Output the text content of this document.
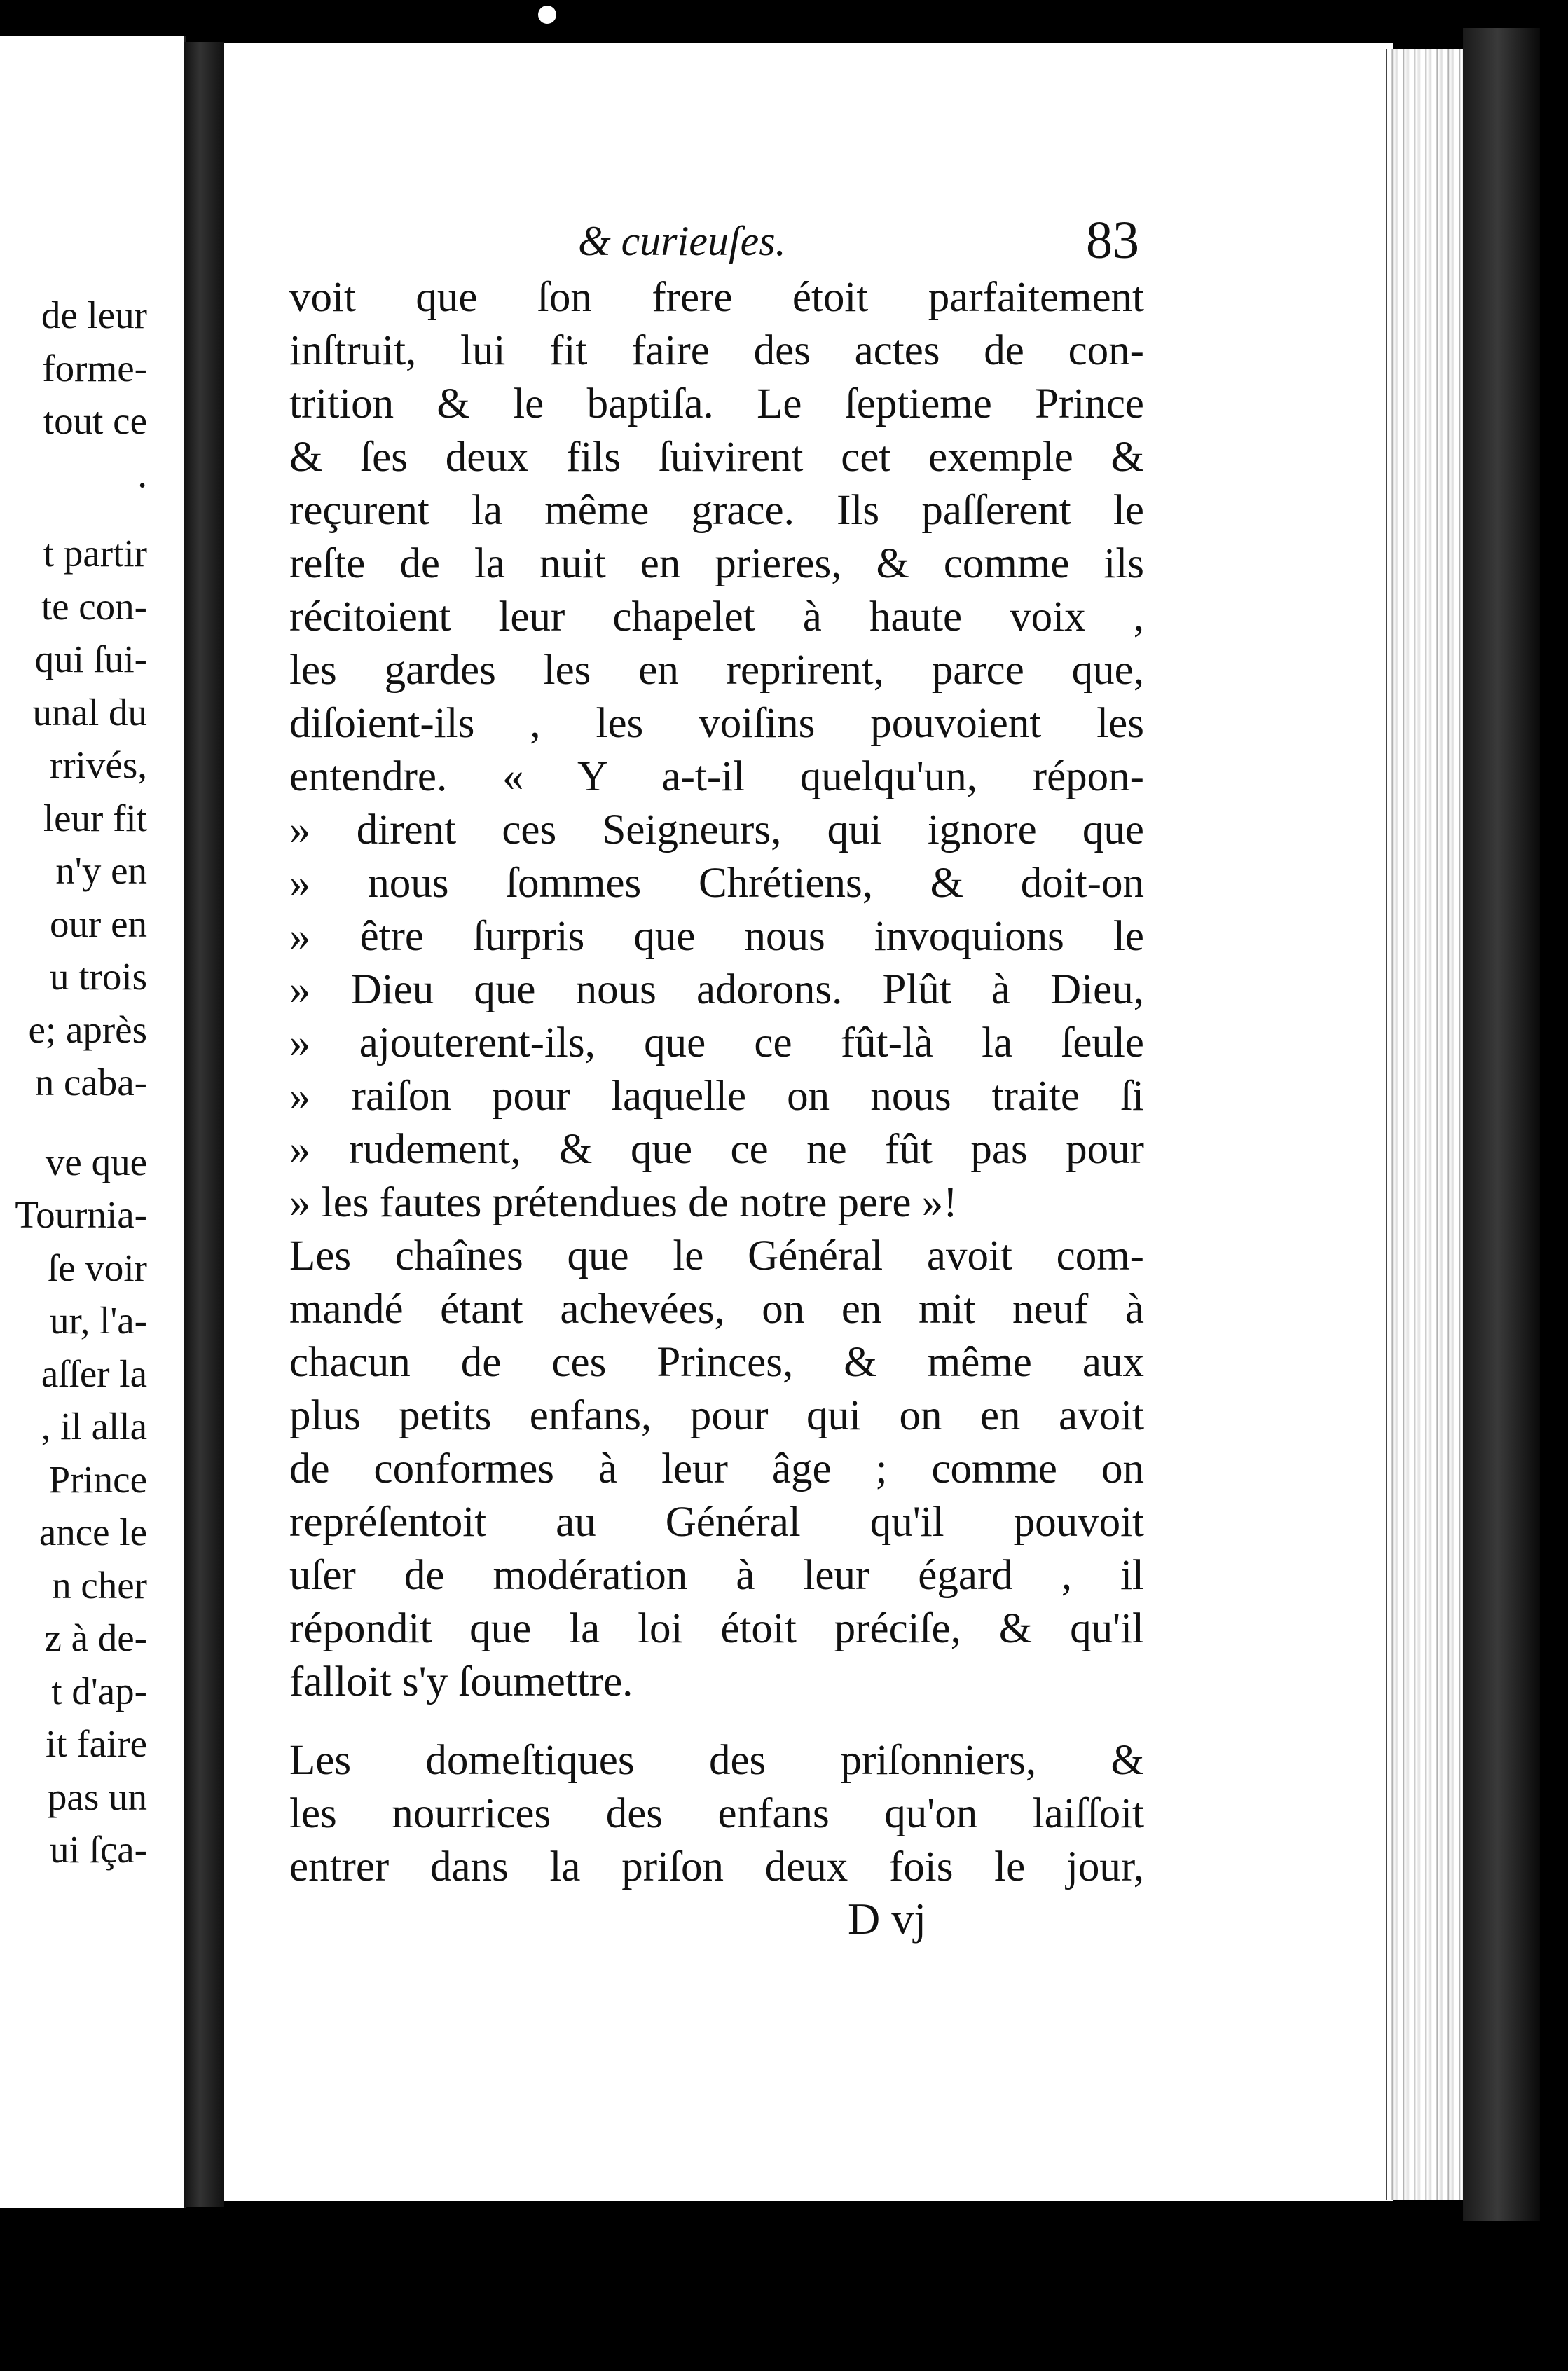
de leur
forme-
tout ce
.
t partir
te con-
qui ſui-
unal du
rrivés,
leur fit
n'y en
our en
u trois
e; après
n caba-
ve que
Tournia-
ſe voir
ur, l'a-
aſſer la
, il alla
Prince
ance le
n cher
z à de-
t d'ap-
it faire
pas un
ui ſça-
& curieuſes.	83
voit que ſon frere étoit parfaitement
inſtruit, lui fit faire des actes de con-
trition & le baptiſa. Le ſeptieme Prince
& ſes deux fils ſuivirent cet exemple &
reçurent la même grace. Ils paſſerent le
reſte de la nuit en prieres, & comme ils
récitoient leur chapelet à haute voix ,
les gardes les en reprirent, parce que,
diſoient-ils , les voiſins pouvoient les
entendre. « Y a-t-il quelqu'un, répon-
» dirent ces Seigneurs, qui ignore que
» nous ſommes Chrétiens, & doit-on
» être ſurpris que nous invoquions le
» Dieu que nous adorons. Plût à Dieu,
» ajouterent-ils, que ce fût-là la ſeule
» raiſon pour laquelle on nous traite ſi
» rudement, & que ce ne fût pas pour
» les fautes prétendues de notre pere »!
Les chaînes que le Général avoit com-
mandé étant achevées, on en mit neuf à
chacun de ces Princes, & même aux
plus petits enfans, pour qui on en avoit
de conformes à leur âge ; comme on
repréſentoit au Général qu'il pouvoit
uſer de modération à leur égard , il
répondit que la loi étoit préciſe, & qu'il
falloit s'y ſoumettre.
Les domeſtiques des priſonniers, &
les nourrices des enfans qu'on laiſſoit
entrer dans la priſon deux fois le jour,
D vj
